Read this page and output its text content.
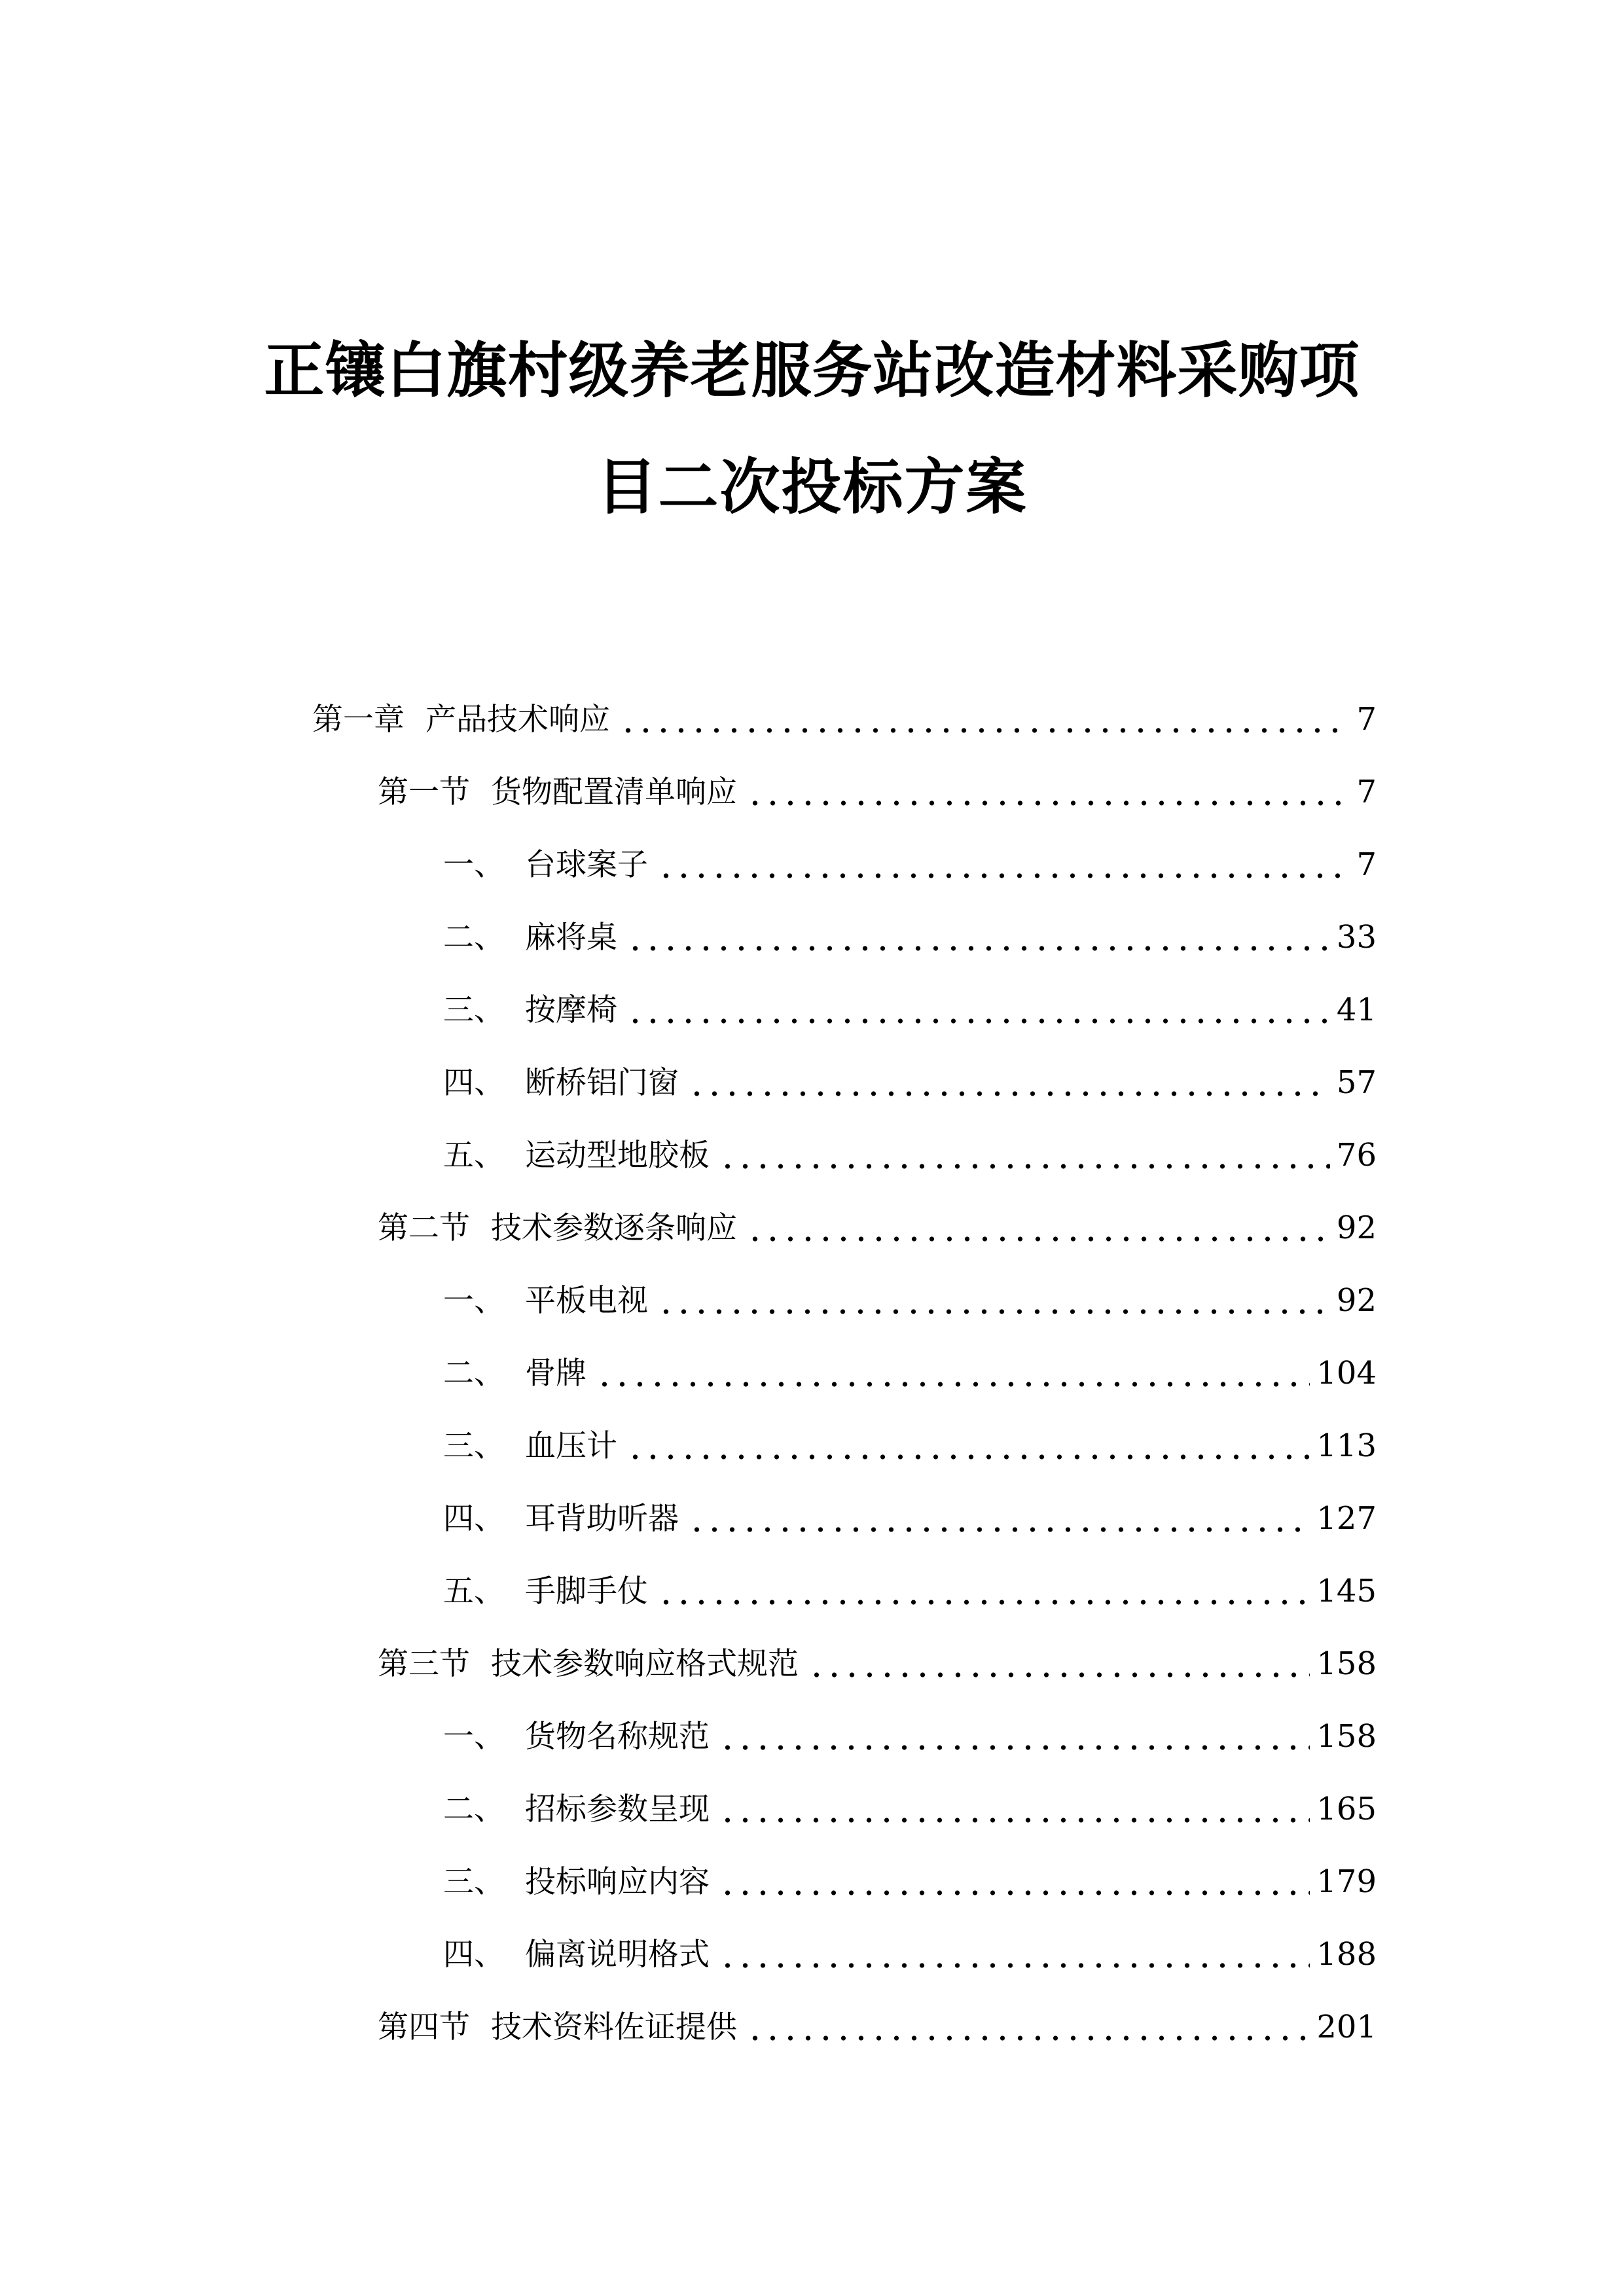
正镶白旗村级养老服务站改造材料采购项
目二次投标方案
第一章 产品技术响应	7
第一节 货物配置清单响应	7
一、 台球案子	7
二、 麻将桌	33
三、 按摩椅	41
四、 断桥铝门窗	57
五、 运动型地胶板	76
第二节 技术参数逐条响应	92
一、 平板电视	92
二、 骨牌	104
三、 血压计	113
四、 耳背助听器	127
五、 手脚手仗	145
第三节 技术参数响应格式规范	158
一、 货物名称规范	158
二、 招标参数呈现	165
三、 投标响应内容	179
四、 偏离说明格式	188
第四节 技术资料佐证提供	201
